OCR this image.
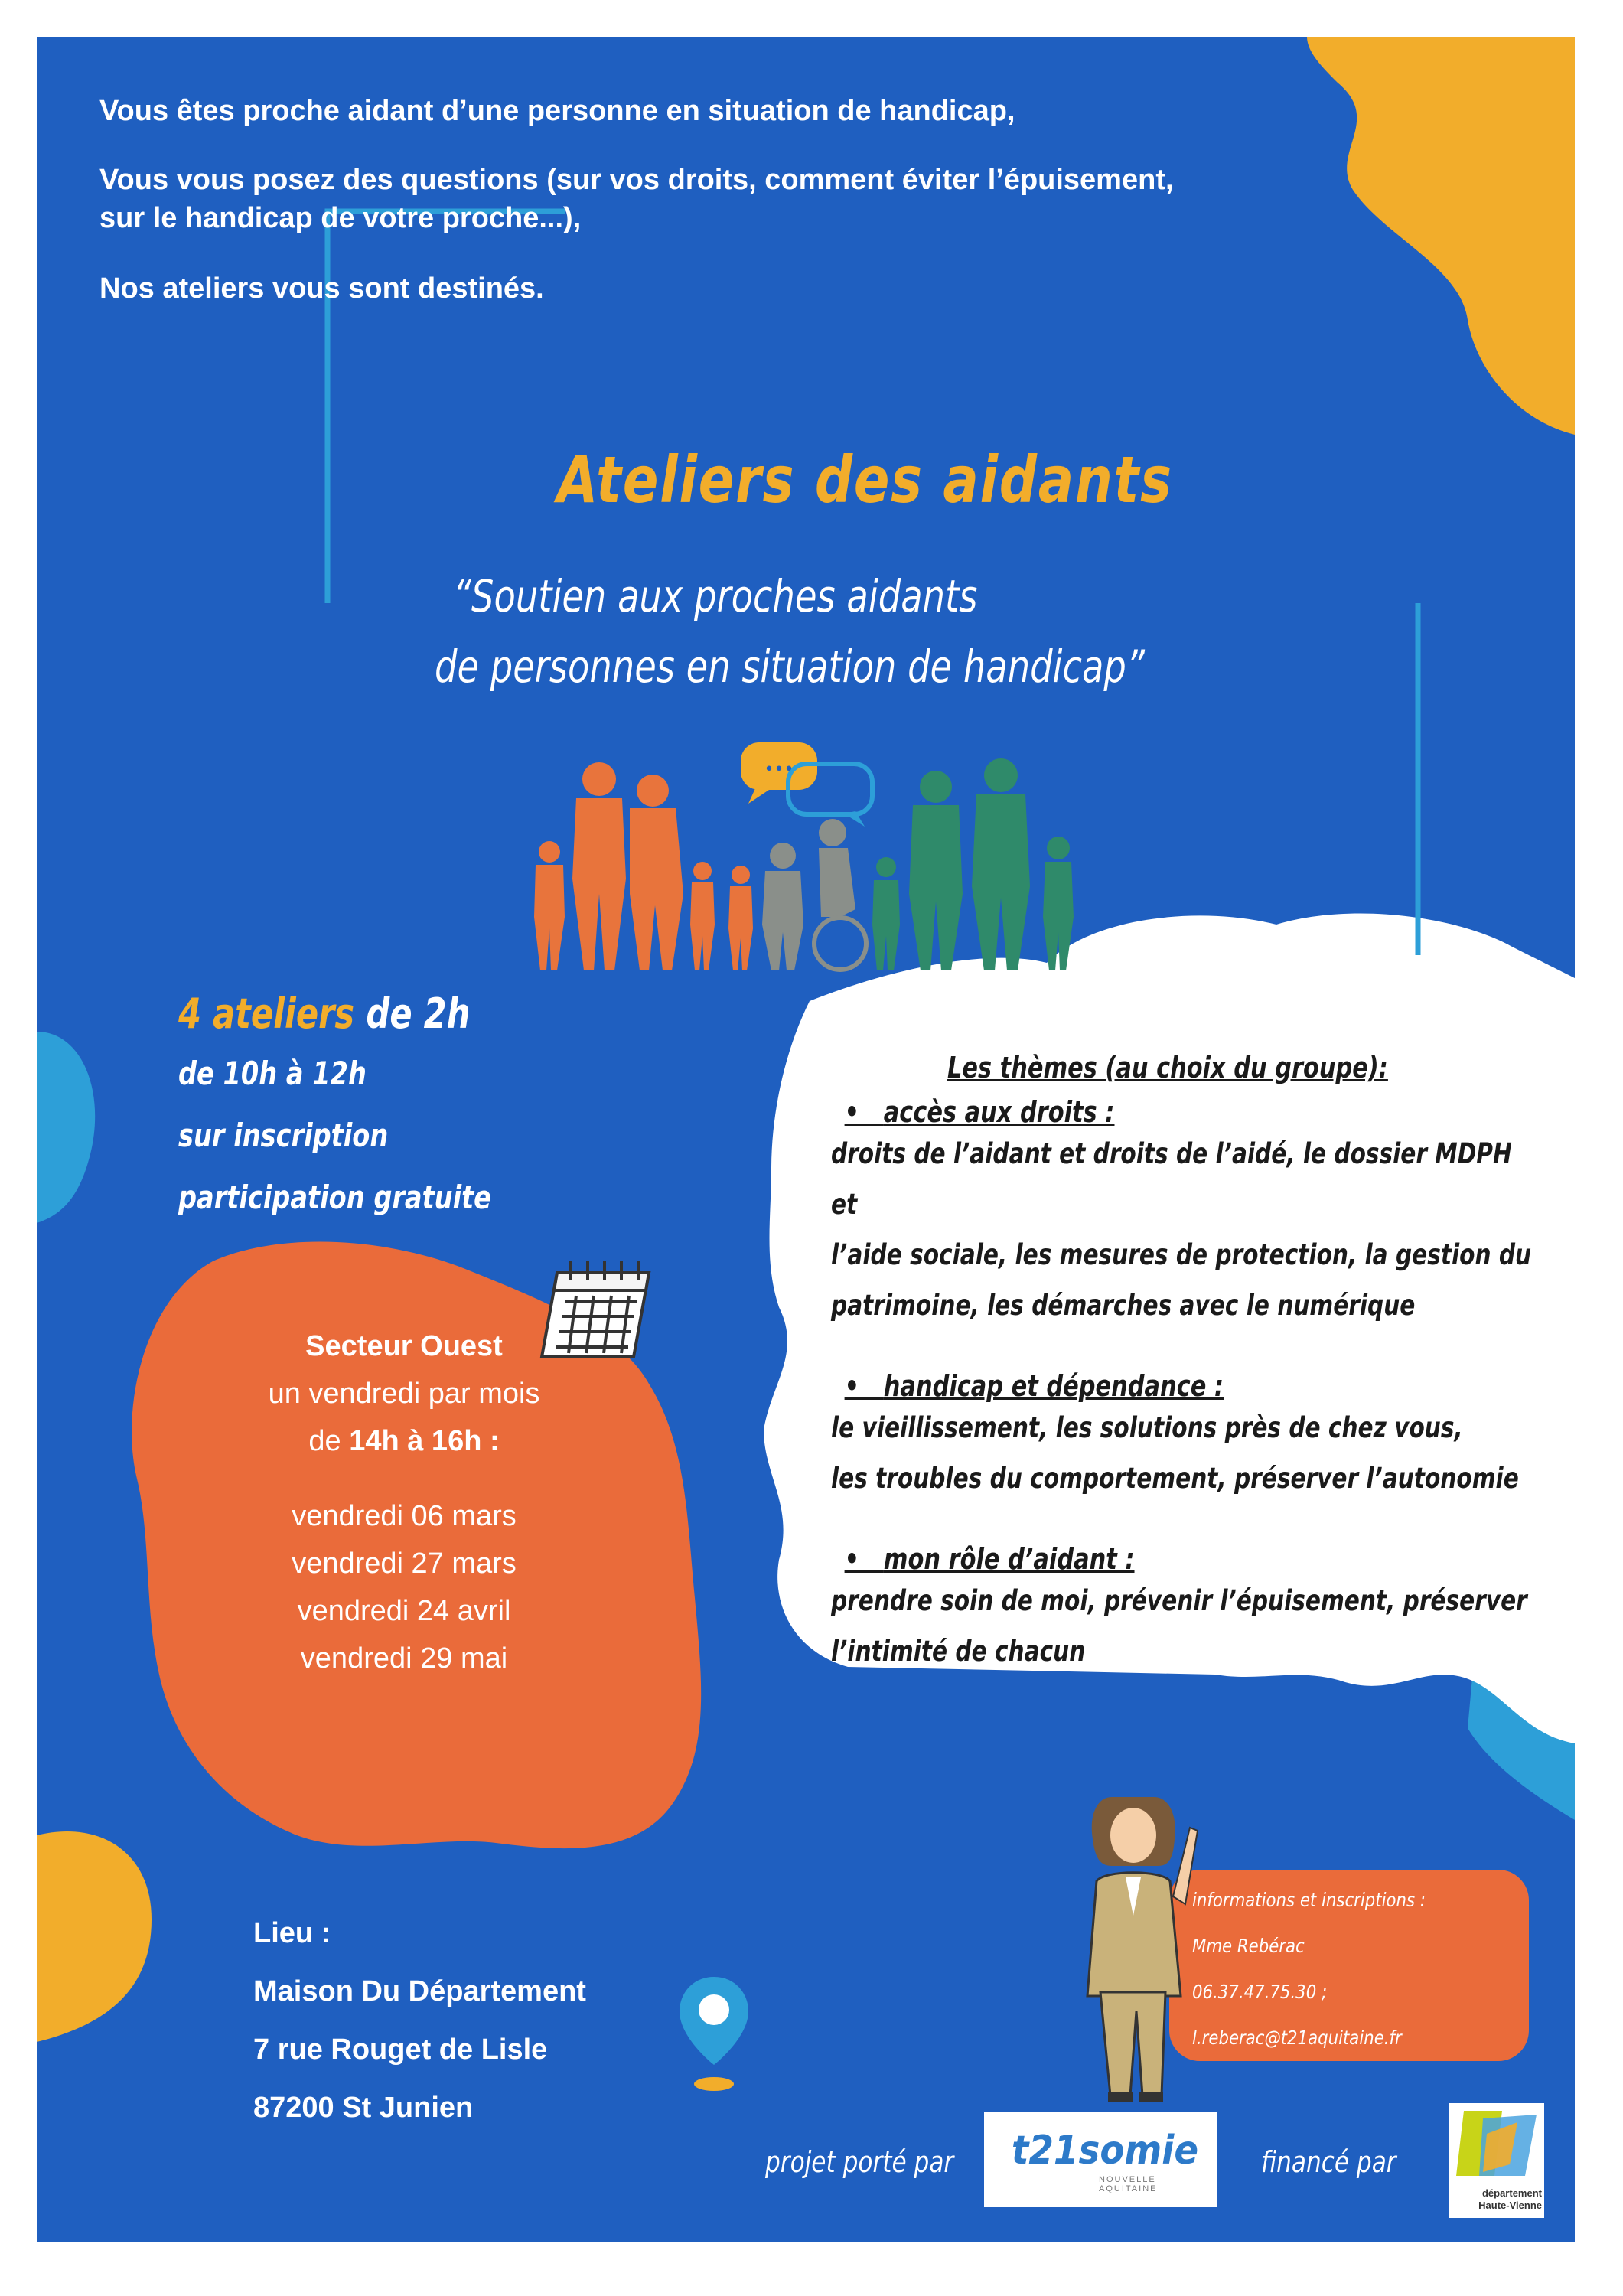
Vous êtes proche aidant d’une personne en situation de handicap,
Vous vous posez des questions (sur vos droits, comment éviter l’épuisement,
sur le handicap de votre proche...),
Nos ateliers vous sont destinés.
Ateliers des aidants
“Soutien aux proches aidants
de personnes en situation de handicap”
•••
4 ateliers de 2h
de 10h à 12h
sur inscription
participation gratuite
Les thèmes (au choix du groupe):
•   accès aux droits :
droits de l’aidant et droits de l’aidé, le dossier MDPH et
l’aide sociale, les mesures de protection, la gestion du
patrimoine, les démarches avec le numérique
•   handicap et dépendance :
le vieillissement, les solutions près de chez vous,
les troubles du comportement, préserver l’autonomie
•   mon rôle d’aidant :
prendre soin de moi, prévenir l’épuisement, préserver
l’intimité de chacun
Secteur Ouest
un vendredi par mois
de 14h à 16h :
vendredi 06 mars
vendredi 27 mars
vendredi 24 avril
vendredi 29 mai
Lieu :
Maison Du Département
7 rue Rouget de Lisle
87200 St Junien
informations et inscriptions :
Mme Rebérac
06.37.47.75.30 ;
l.reberac@t21aquitaine.fr
projet porté par t21somie
NOUVELLE AQUITAINE
financé par
département Haute-Vienne
